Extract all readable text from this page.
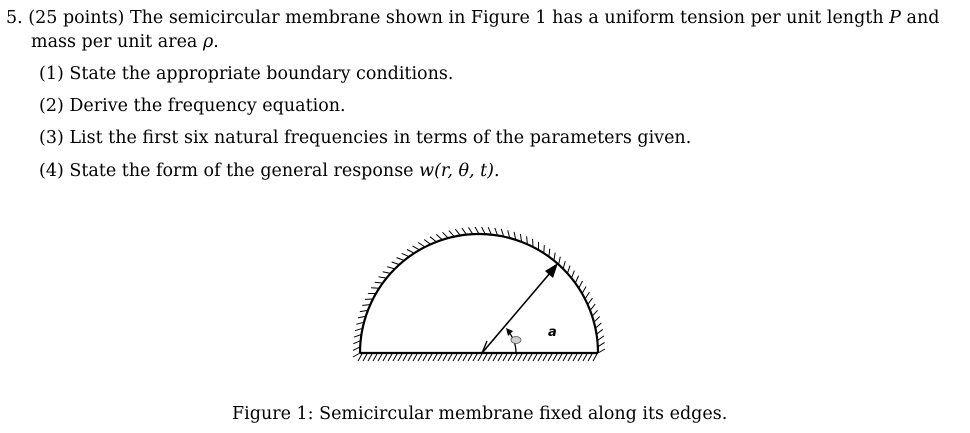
5. (25 points) The semicircular membrane shown in Figure 1 has a uniform tension per unit length P and
mass per unit area ρ.
(1) State the appropriate boundary conditions.
(2) Derive the frequency equation.
(3) List the first six natural frequencies in terms of the parameters given.
(4) State the form of the general response w(r, θ, t).
a
Figure 1: Semicircular membrane fixed along its edges.
